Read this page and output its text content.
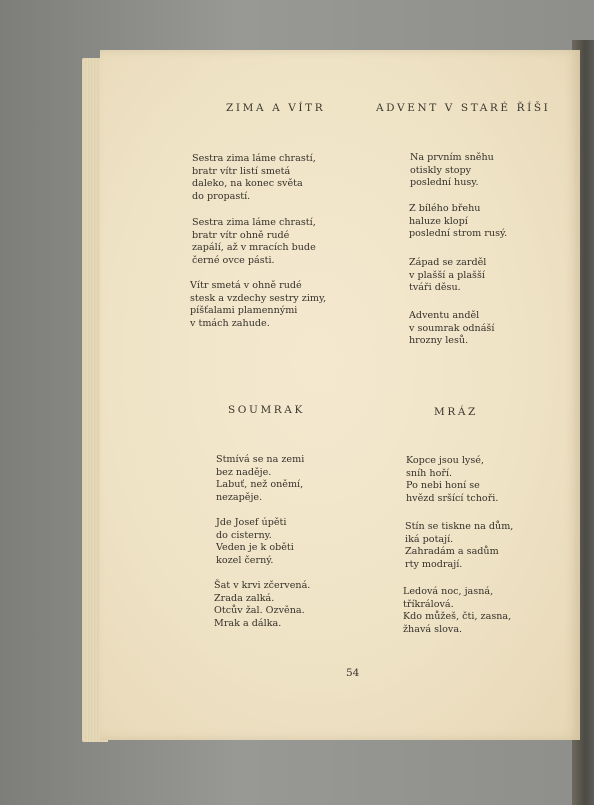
ZIMA A VÍTR
Sestra zima láme chrastí,
bratr vítr listí smetá
daleko, na konec světa
do propastí.
Sestra zima láme chrastí,
bratr vítr ohně rudé
zapálí, až v mracích bude
černé ovce pásti.
Vítr smetá v ohně rudé
stesk a vzdechy sestry zimy,
píšťalami plamennými
v tmách zahude.
ADVENT V STARÉ ŘÍŠI
Na prvním sněhu
otiskly stopy
poslední husy.
Z bílého břehu
haluze klopí
poslední strom rusý.
Západ se zarděl
v plašší a plašší
tváři děsu.
Adventu anděl
v soumrak odnáší
hrozny lesů.
SOUMRAK
Stmívá se na zemi
bez naděje.
Labuť, než oněmí,
nezapěje.
Jde Josef úpěti
do cisterny.
Veden je k oběti
kozel černý.
Šat v krvi zčervená.
Zrada zalká.
Otcův žal. Ozvěna.
Mrak a dálka.
MRÁZ
Kopce jsou lysé,
sníh hoří.
Po nebi honí se
hvězd sršící tchoři.
Stín se tiskne na dům,
iká potají.
Zahradám a sadům
rty modrají.
Ledová noc, jasná,
tříkrálová.
Kdo můžeš, čti, zasna,
žhavá slova.
54
